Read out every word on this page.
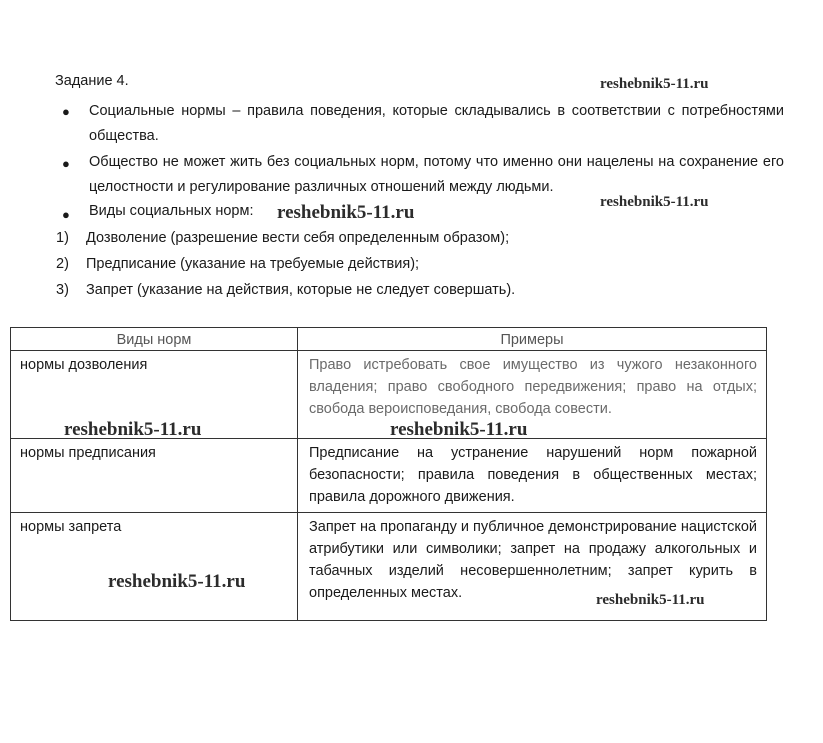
Задание 4.	reshebnik5-11.ru
reshebnik5-11.ru
reshebnik5-11.ru
reshebnik5-11.ru	reshebnik5-11.ru
reshebnik5-11.ru
reshebnik5-11.ru
● Социальные нормы – правила поведения, которые складывались в соответствии с потребностями общества.
● Общество не может жить без социальных норм, потому что именно они нацелены на сохранение его целостности и регулирование различных отношений между людьми.
● Виды социальных норм:
1) Дозволение (разрешение вести себя определенным образом);
2) Предписание (указание на требуемые действия);
3) Запрет (указание на действия, которые не следует совершать).
Виды норм	Примеры

нормы дозволения	Право истребовать свое имущество из чужого незаконного владения; право свободного передвижения; право на отдых; свобода вероисповедания, свобода совести.
нормы предписания	Предписание на устранение нарушений норм пожарной безопасности; правила поведения в общественных местах; правила дорожного движения.
нормы запрета	Запрет на пропаганду и публичное демонстрирование нацистской атрибутики или символики; запрет на продажу алкогольных и табачных изделий несовершеннолетним; запрет курить в определенных местах.
